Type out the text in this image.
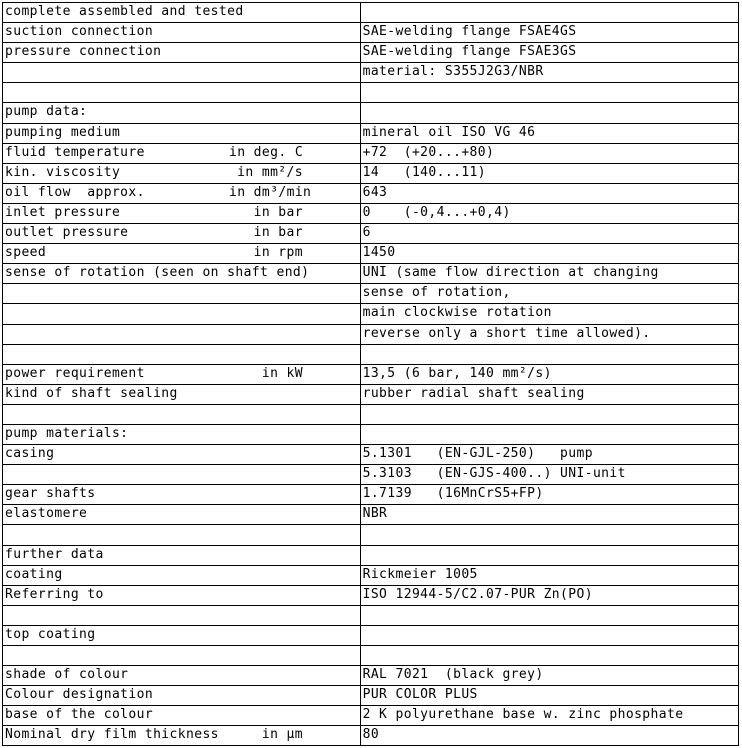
complete assembled and tested

suction connection	SAE-welding flange FSAE4GS
pressure connection	SAE-welding flange FSAE3GS

	material: S355J2G3/NBR

pump data:

pumping medium	mineral oil ISO VG 46
fluid temperature in deg. C	+72  (+20...+80)
kin. viscosity in mm²/s	14   (140...11)
oil flow  approx. in dm³/min	643
inlet pressure in bar	0    (-0,4...+0,4)
outlet pressure in bar	6
speed in rpm	1450
sense of rotation (seen on shaft end)	UNI (same flow direction at changing

	sense of rotation,

	main clockwise rotation

	reverse only a short time allowed).

power requirement in kW	13,5 (6 bar, 140 mm²/s)
kind of shaft sealing	rubber radial shaft sealing

pump materials:

casing	5.1301   (EN-GJL-250)   pump

	5.3103   (EN-GJS-400..) UNI-unit
gear shafts	1.7139   (16MnCrS5+FP)
elastomere	NBR

further data

coating	Rickmeier 1005
Referring to	ISO 12944-5/C2.07-PUR Zn(PO)

top coating

shade of colour	RAL 7021  (black grey)
Colour designation	PUR COLOR PLUS
base of the colour	2 K polyurethane base w. zinc phosphate
Nominal dry film thickness in µm	80
